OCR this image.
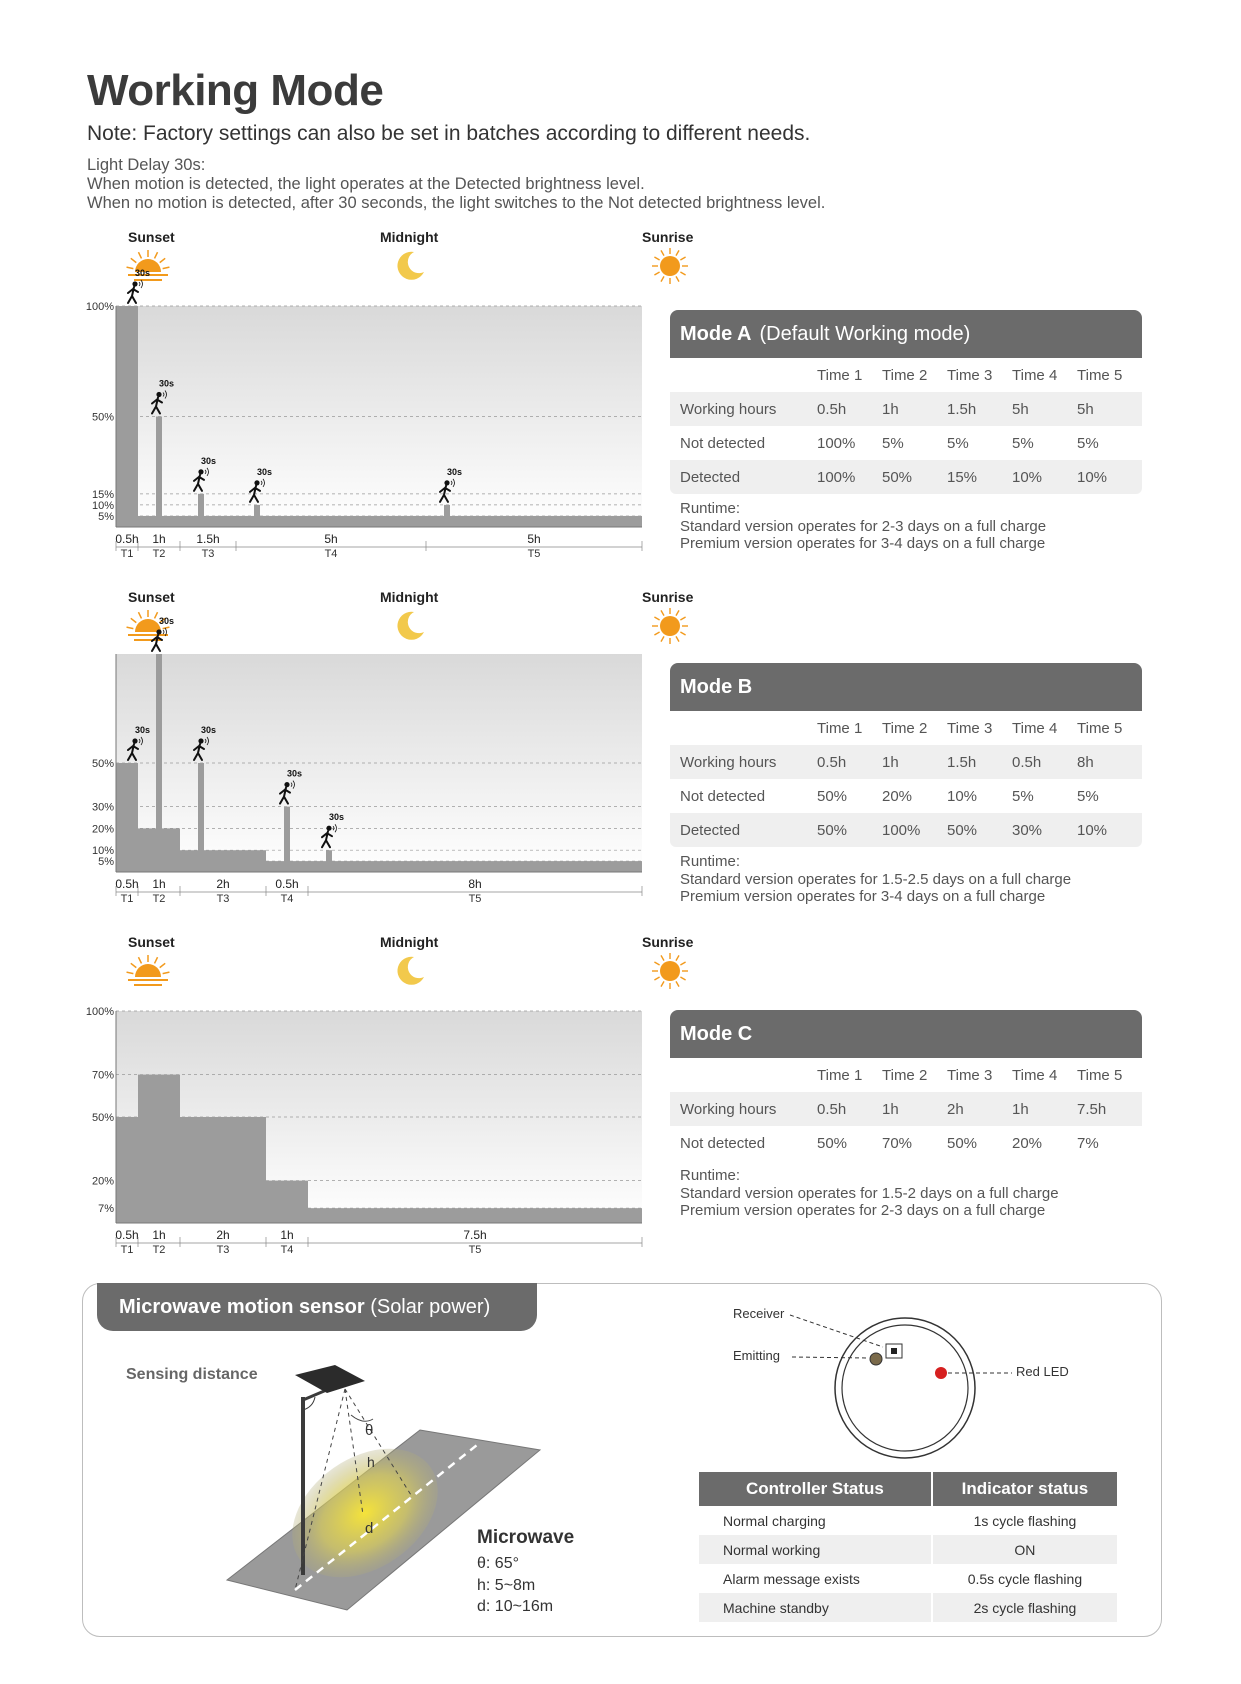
Working Mode
Note: Factory settings can also be set in batches according to different needs.
Light Delay 30s:
When motion is detected, the light operates at the Detected brightness level.
When no motion is detected, after 30 seconds, the light switches to the Not detected brightness level.
Sunset	Midnight	Sunrise
100%
50%
15%
10%
5%
30s
0.5h
T1
30s
1h
T2
30s
1.5h
T3
30s
5h
T4
30s
5h
T5
Sunset	Midnight	Sunrise
50%
30%
20%
10%
5%
30s
0.5h
T1
30s
1h
T2
30s
2h
T3
30s
0.5h
T4
30s
8h
T5
Sunset	Midnight	Sunrise
100%
70%
50%
20%
7%
0.5h
T1
1h
T2
2h
T3
1h
T4
7.5h
T5
Mode A (Default Working mode)
	Time 1	Time 2	Time 3	Time 4	Time 5
Working hours	0.5h	1h	1.5h	5h	5h
Not detected	100%	5%	5%	5%	5%
Detected	100%	50%	15%	10%	10%
Runtime:
Standard version operates for 2-3 days on a full charge
Premium version operates for 3-4 days on a full charge
Mode B
	Time 1	Time 2	Time 3	Time 4	Time 5
Working hours	0.5h	1h	1.5h	0.5h	8h
Not detected	50%	20%	10%	5%	5%
Detected	50%	100%	50%	30%	10%
Runtime:
Standard version operates for 1.5-2.5 days on a full charge
Premium version operates for 3-4 days on a full charge
Mode C
	Time 1	Time 2	Time 3	Time 4	Time 5
Working hours	0.5h	1h	2h	1h	7.5h
Not detected	50%	70%	50%	20%	7%
Runtime:
Standard version operates for 1.5-2 days on a full charge
Premium version operates for 2-3 days on a full charge
Microwave motion sensor (Solar power)
Sensing distance
θ
h
d	Microwave
θ: 65°
h: 5~8m
d: 10~16m
Receiver
Emitting
Red LED
Controller Status	Indicator status
Normal charging	1s cycle flashing
Normal working	ON
Alarm message exists	0.5s cycle flashing
Machine standby	2s cycle flashing
